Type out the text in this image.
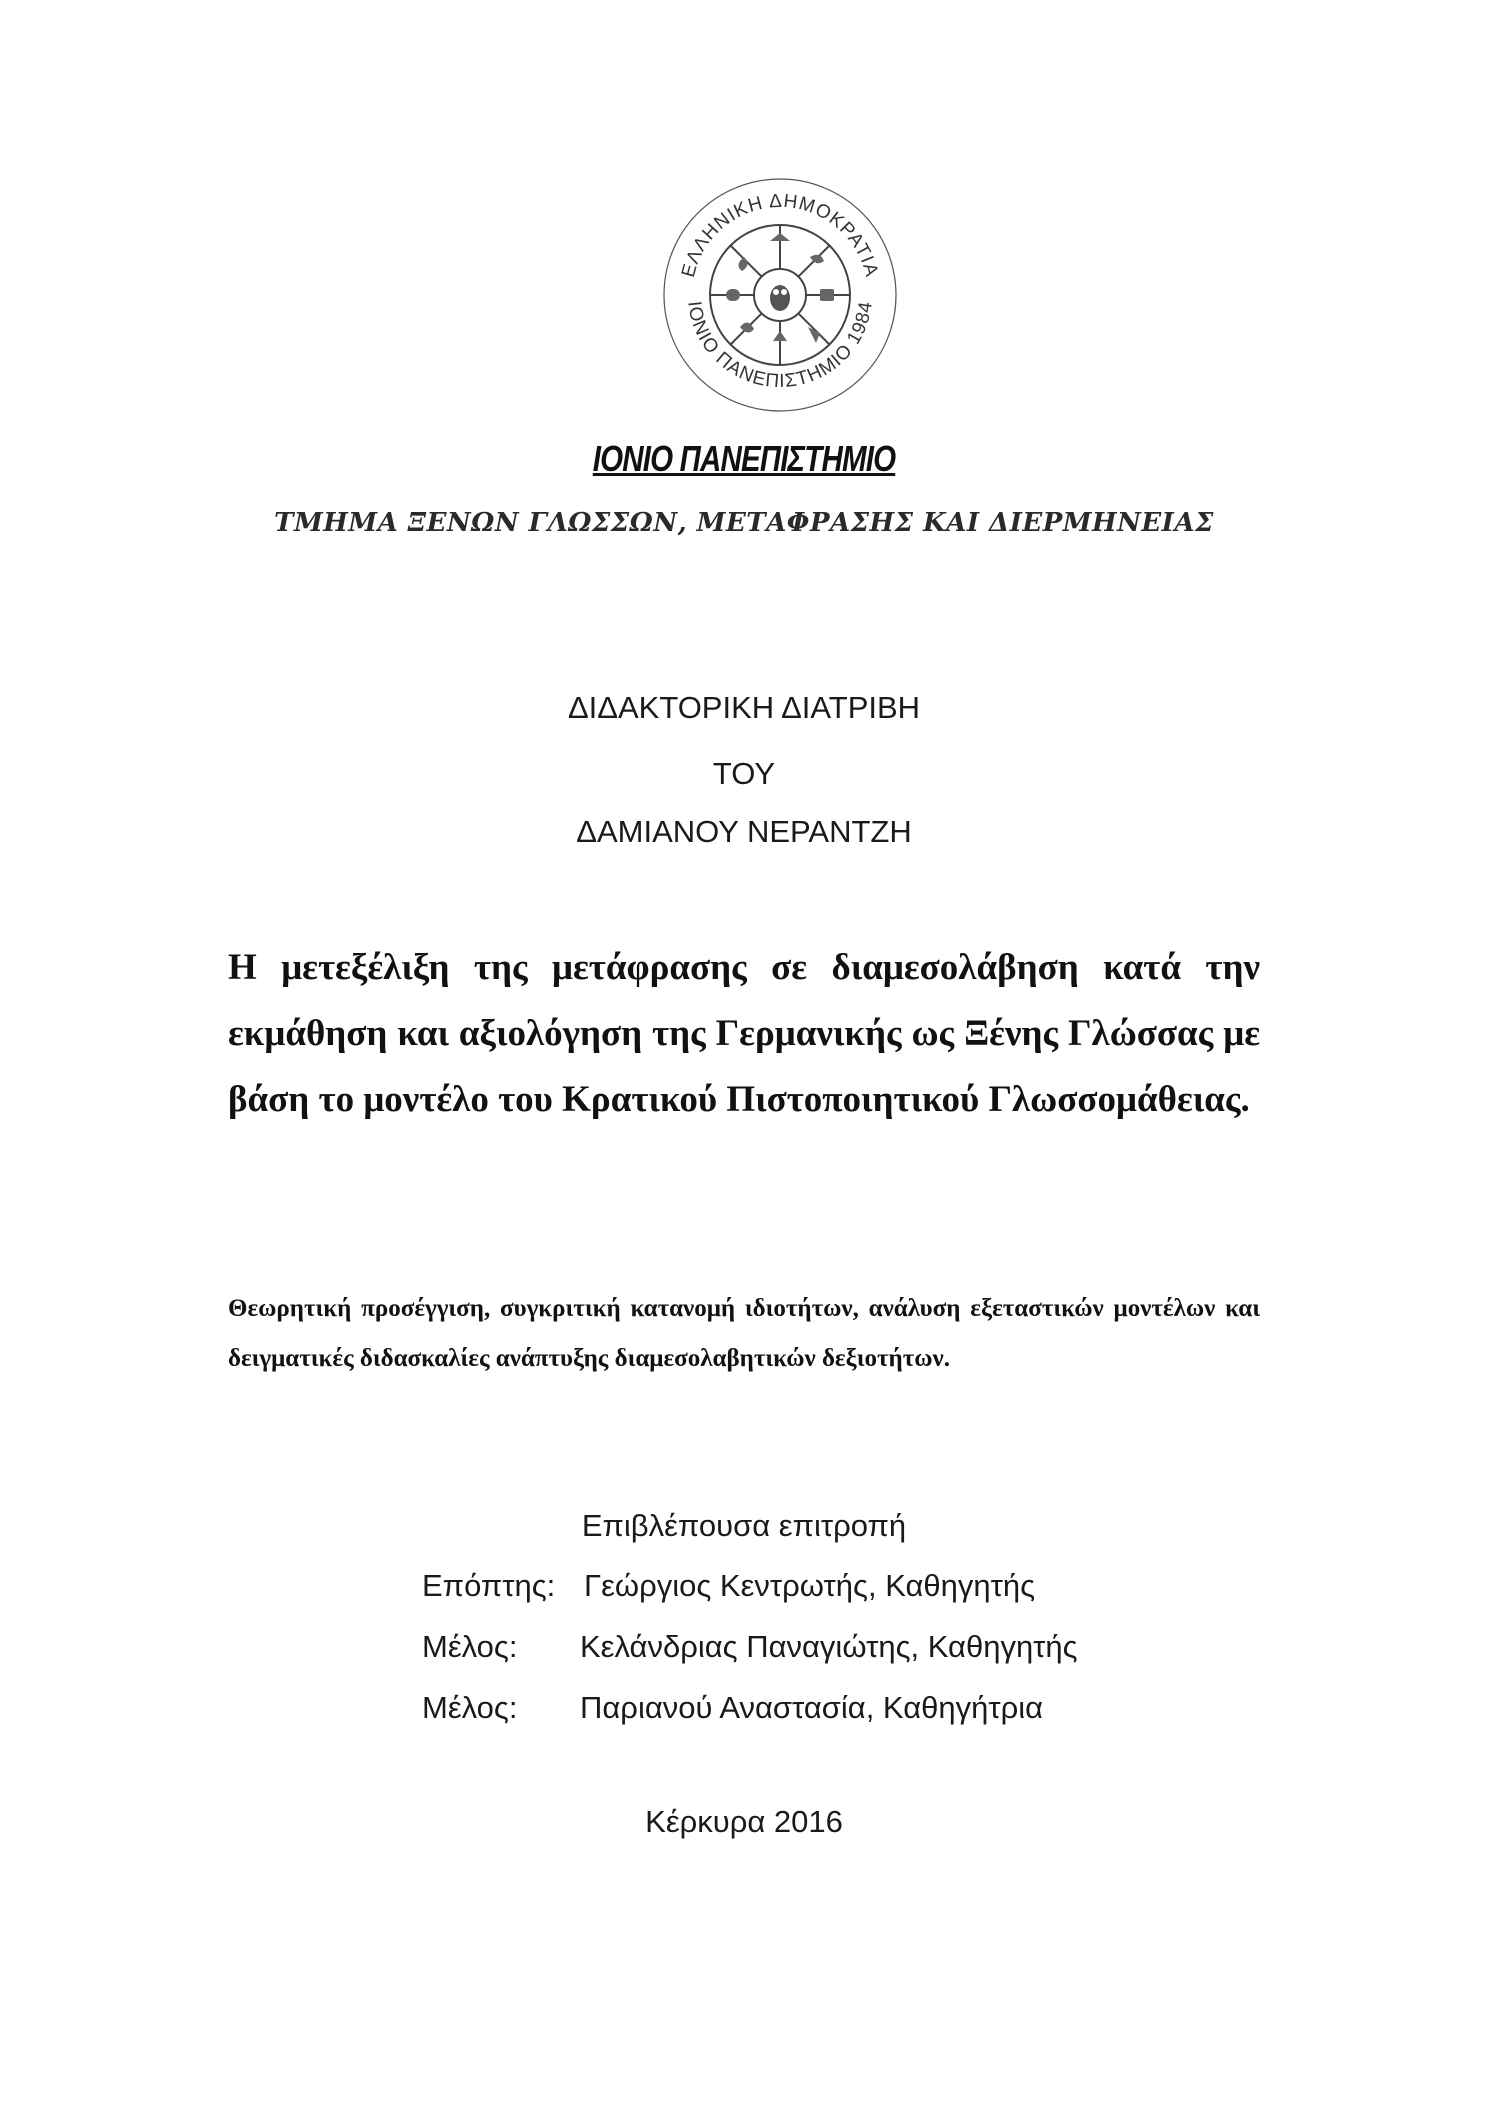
ΕΛΛΗΝΙΚΗ ΔΗΜΟΚΡΑΤΙΑ
ΙΟΝΙΟ ΠΑΝΕΠΙΣΤΗΜΙΟ 1984
ΙΟΝΙΟ ΠΑΝΕΠΙΣΤΗΜΙΟ
ΤΜΗΜΑ ΞΕΝΩΝ ΓΛΩΣΣΩΝ, ΜΕΤΑΦΡΑΣΗΣ ΚΑΙ ΔΙΕΡΜΗΝΕΙΑΣ
ΔΙΔΑΚΤΟΡΙΚΗ ΔΙΑΤΡΙΒΗ
ΤΟΥ
ΔΑΜΙΑΝΟΥ ΝΕΡΑΝΤΖΗ
Η μετεξέλιξη της μετάφρασης σε διαμεσολάβηση κατά την εκμάθηση και αξιολόγηση της Γερμανικής ως Ξένης Γλώσσας με βάση το μοντέλο του Κρατικού Πιστοποιητικού Γλωσσομάθειας.
Θεωρητική προσέγγιση, συγκριτική κατανομή ιδιοτήτων, ανάλυση εξεταστικών μοντέλων και δειγματικές διδασκαλίες ανάπτυξης διαμεσολαβητικών δεξιοτήτων.
Επιβλέπουσα επιτροπή
Επόπτης: Γεώργιος Κεντρωτής, Καθηγητής
Μέλος: Κελάνδριας Παναγιώτης, Καθηγητής
Μέλος: Παριανού Αναστασία, Καθηγήτρια
Κέρκυρα 2016
